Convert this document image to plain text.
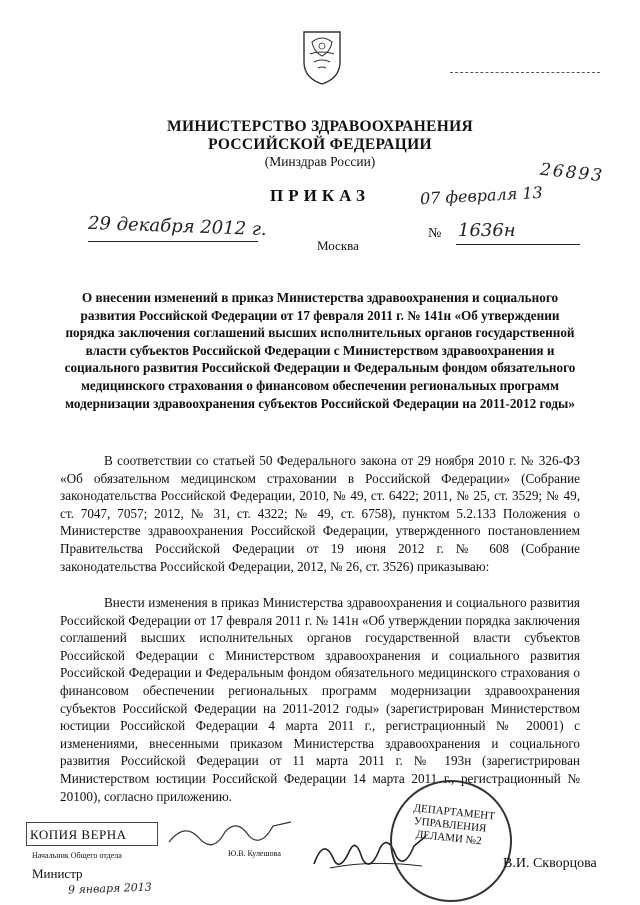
МИНИСТЕРСТВО ЗДРАВООХРАНЕНИЯ
РОССИЙСКОЙ ФЕДЕРАЦИИ
(Минздрав России)	26893
ПРИКАЗ	07 февраля 13
29 декабря 2012 г.
Москва
№ 1636н
О внесении изменений в приказ Министерства здравоохранения и социального развития Российской Федерации от 17 февраля 2011 г. № 141н «Об утверждении порядка заключения соглашений высших исполнительных органов государственной власти субъектов Российской Федерации с Министерством здравоохранения и социального развития Российской Федерации и Федеральным фондом обязательного медицинского страхования о финансовом обеспечении региональных программ модернизации здравоохранения субъектов Российской Федерации на 2011-2012 годы»

В соответствии со статьей 50 Федерального закона от 29 ноября 2010 г. № 326-ФЗ «Об обязательном медицинском страховании в Российской Федерации» (Собрание законодательства Российской Федерации, 2010, № 49, ст. 6422; 2011, № 25, ст. 3529; № 49, ст. 7047, 7057; 2012, № 31, ст. 4322; № 49, ст. 6758), пунктом 5.2.133 Положения о Министерстве здравоохранения Российской Федерации, утвержденного постановлением Правительства Российской Федерации от 19 июня 2012 г. № 608 (Собрание законодательства Российской Федерации, 2012, № 26, ст. 3526) приказываю:

Внести изменения в приказ Министерства здравоохранения и социального развития Российской Федерации от 17 февраля 2011 г. № 141н «Об утверждении порядка заключения соглашений высших исполнительных органов государственной власти субъектов Российской Федерации с Министерством здравоохранения и социального развития Российской Федерации и Федеральным фондом обязательного медицинского страхования о финансовом обеспечении региональных программ модернизации здравоохранения субъектов Российской Федерации на 2011-2012 годы» (зарегистрирован Министерством юстиции Российской Федерации 4 марта 2011 г., регистрационный № 20001) с изменениями, внесенными приказом Министерства здравоохранения и социального развития Российской Федерации от 11 марта 2011 г. № 193н (зарегистрирован Министерством юстиции Российской Федерации 14 марта 2011 г., регистрационный № 20100), согласно приложению.

КОПИЯ ВЕРНА
Начальник Общего отдела	Ю.В. Кулешова
Министр
9 января 2013
ДЕПАРТАМЕНТ УПРАВЛЕНИЯ ДЕЛАМИ №2
В.И. Скворцова
